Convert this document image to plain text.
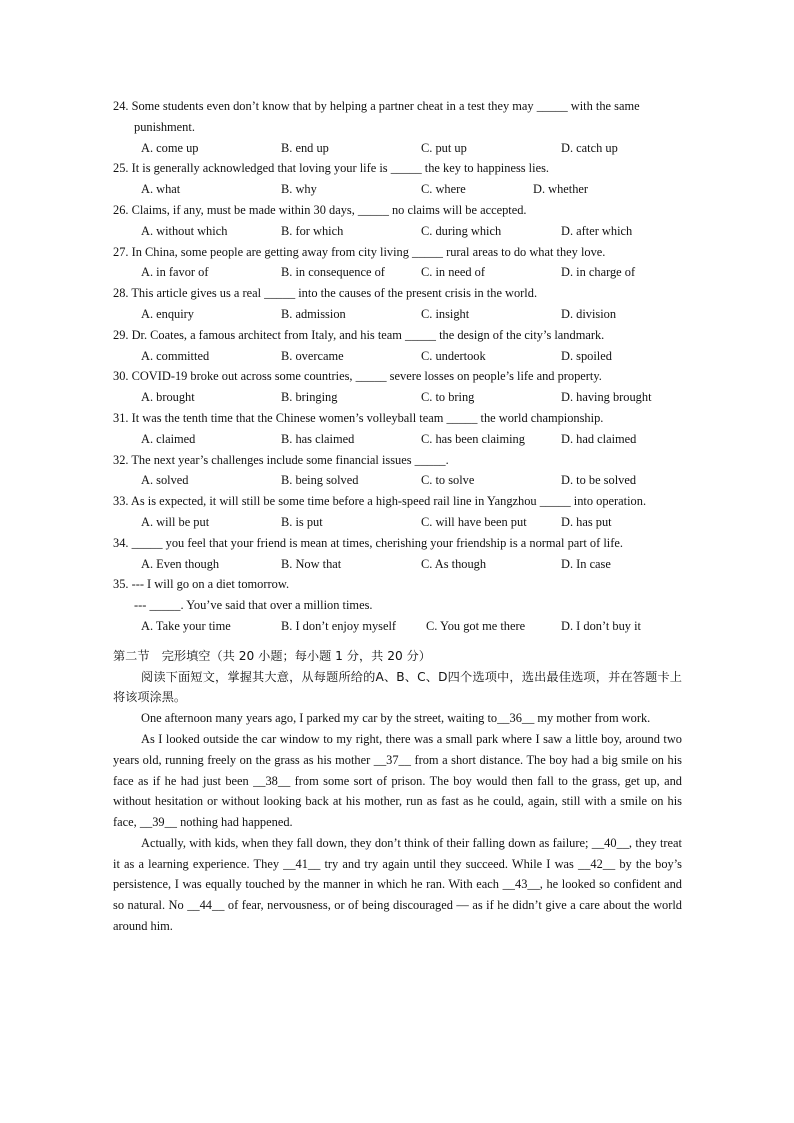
24. Some students even don’t know that by helping a partner cheat in a test they may _____ with the same punishment.
A. come up	B. end up	C. put up	D. catch up
25. It is generally acknowledged that loving your life is _____ the key to happiness lies.
A. what	B. why	C. where	D. whether
26. Claims, if any, must be made within 30 days, _____ no claims will be accepted.
A. without which	B. for which	C. during which	D. after which
27. In China, some people are getting away from city living _____ rural areas to do what they love.
A. in favor of	B. in consequence of	C. in need of	D. in charge of
28. This article gives us a real _____ into the causes of the present crisis in the world.
A. enquiry	B. admission	C. insight	D. division
29. Dr. Coates, a famous architect from Italy, and his team _____ the design of the city’s landmark.
A. committed	B. overcame	C. undertook	D. spoiled
30. COVID-19 broke out across some countries, _____ severe losses on people’s life and property.
A. brought	B. bringing	C. to bring	D. having brought
31. It was the tenth time that the Chinese women’s volleyball team _____ the world championship.
A. claimed	B. has claimed	C. has been claiming	D. had claimed
32. The next year’s challenges include some financial issues _____.
A. solved	B. being solved	C. to solve	D. to be solved
33. As is expected, it will still be some time before a high-speed rail line in Yangzhou _____ into operation.
A. will be put	B. is put	C. will have been put	D. has put
34. _____ you feel that your friend is mean at times, cherishing your friendship is a normal part of life.
A. Even though	B. Now that	C. As though	D. In case
35. --- I will go on a diet tomorrow.
--- _____. You’ve said that over a million times.
A. Take your time	B. I don’t enjoy myself C. You got me there	D. I don’t buy it
第二节　完形填空（共 20 小题；每小题 1 分，共 20 分）
阅读下面短文，掌握其大意，从每题所给的A、B、C、D四个选项中，选出最佳选项，并在答题卡上将该项涂黑。
One afternoon many years ago, I parked my car by the street, waiting to__36__ my mother from work.
As I looked outside the car window to my right, there was a small park where I saw a little boy, around two years old, running freely on the grass as his mother __37__ from a short distance. The boy had a big smile on his face as if he had just been __38__ from some sort of prison. The boy would then fall to the grass, get up, and without hesitation or without looking back at his mother, run as fast as he could, again, still with a smile on his face, __39__ nothing had happened.
Actually, with kids, when they fall down, they don’t think of their falling down as failure; __40__, they treat it as a learning experience. They __41__ try and try again until they succeed. While I was __42__ by the boy’s persistence, I was equally touched by the manner in which he ran. With each __43__, he looked so confident and so natural. No __44__ of fear, nervousness, or of being discouraged — as if he didn’t give a care about the world around him.
